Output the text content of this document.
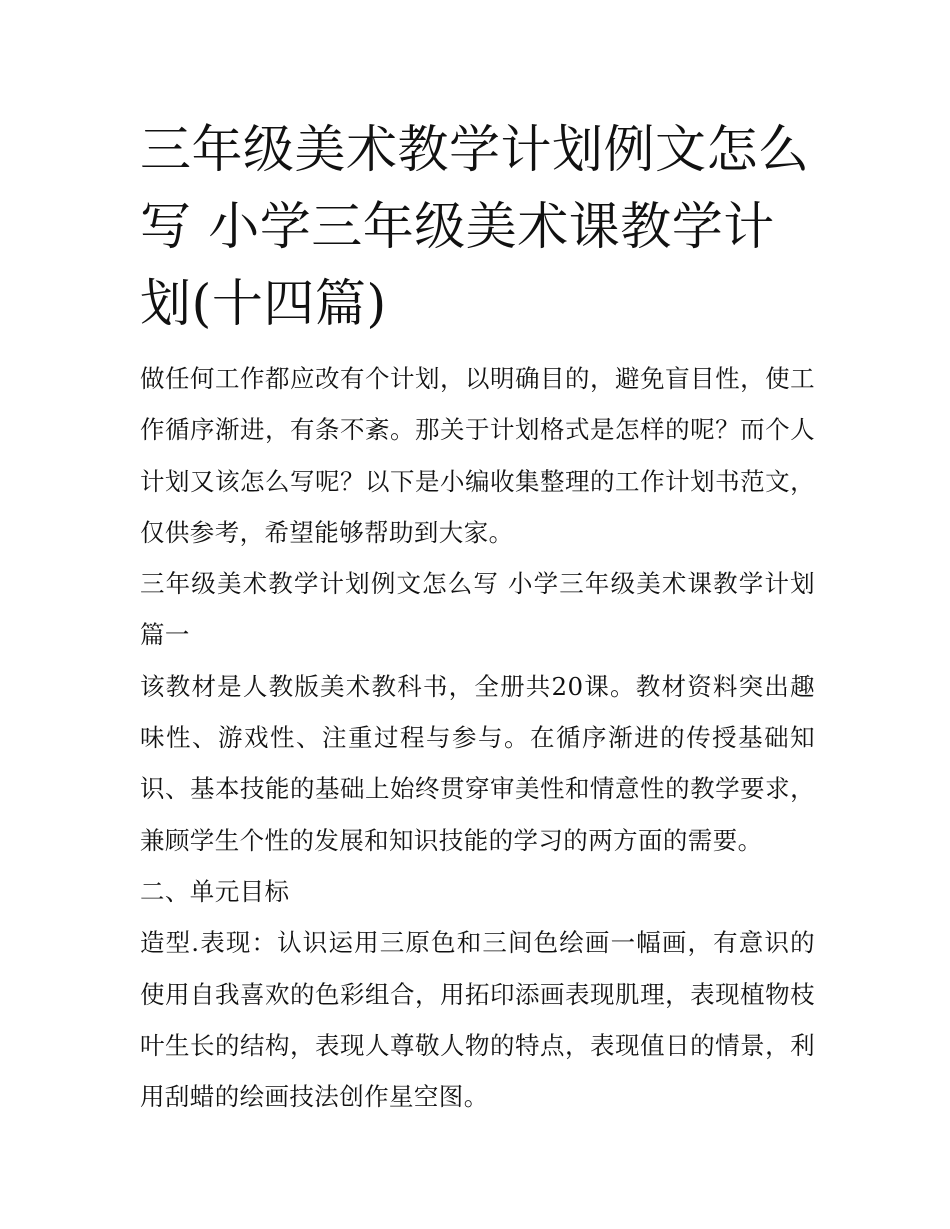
三年级美术教学计划例文怎么写 小学三年级美术课教学计划(十四篇)

做任何工作都应改有个计划，以明确目的，避免盲目性，使工作循序渐进，有条不紊。那关于计划格式是怎样的呢？而个人计划又该怎么写呢？以下是小编收集整理的工作计划书范文，仅供参考，希望能够帮助到大家。

三年级美术教学计划例文怎么写 小学三年级美术课教学计划篇一

该教材是人教版美术教科书，全册共20课。教材资料突出趣味性、游戏性、注重过程与参与。在循序渐进的传授基础知识、基本技能的基础上始终贯穿审美性和情意性的教学要求，兼顾学生个性的发展和知识技能的学习的两方面的需要。

二、单元目标

造型.表现：认识运用三原色和三间色绘画一幅画，有意识的使用自我喜欢的色彩组合，用拓印添画表现肌理，表现植物枝叶生长的结构，表现人尊敬人物的特点，表现值日的情景，利用刮蜡的绘画技法创作星空图。
